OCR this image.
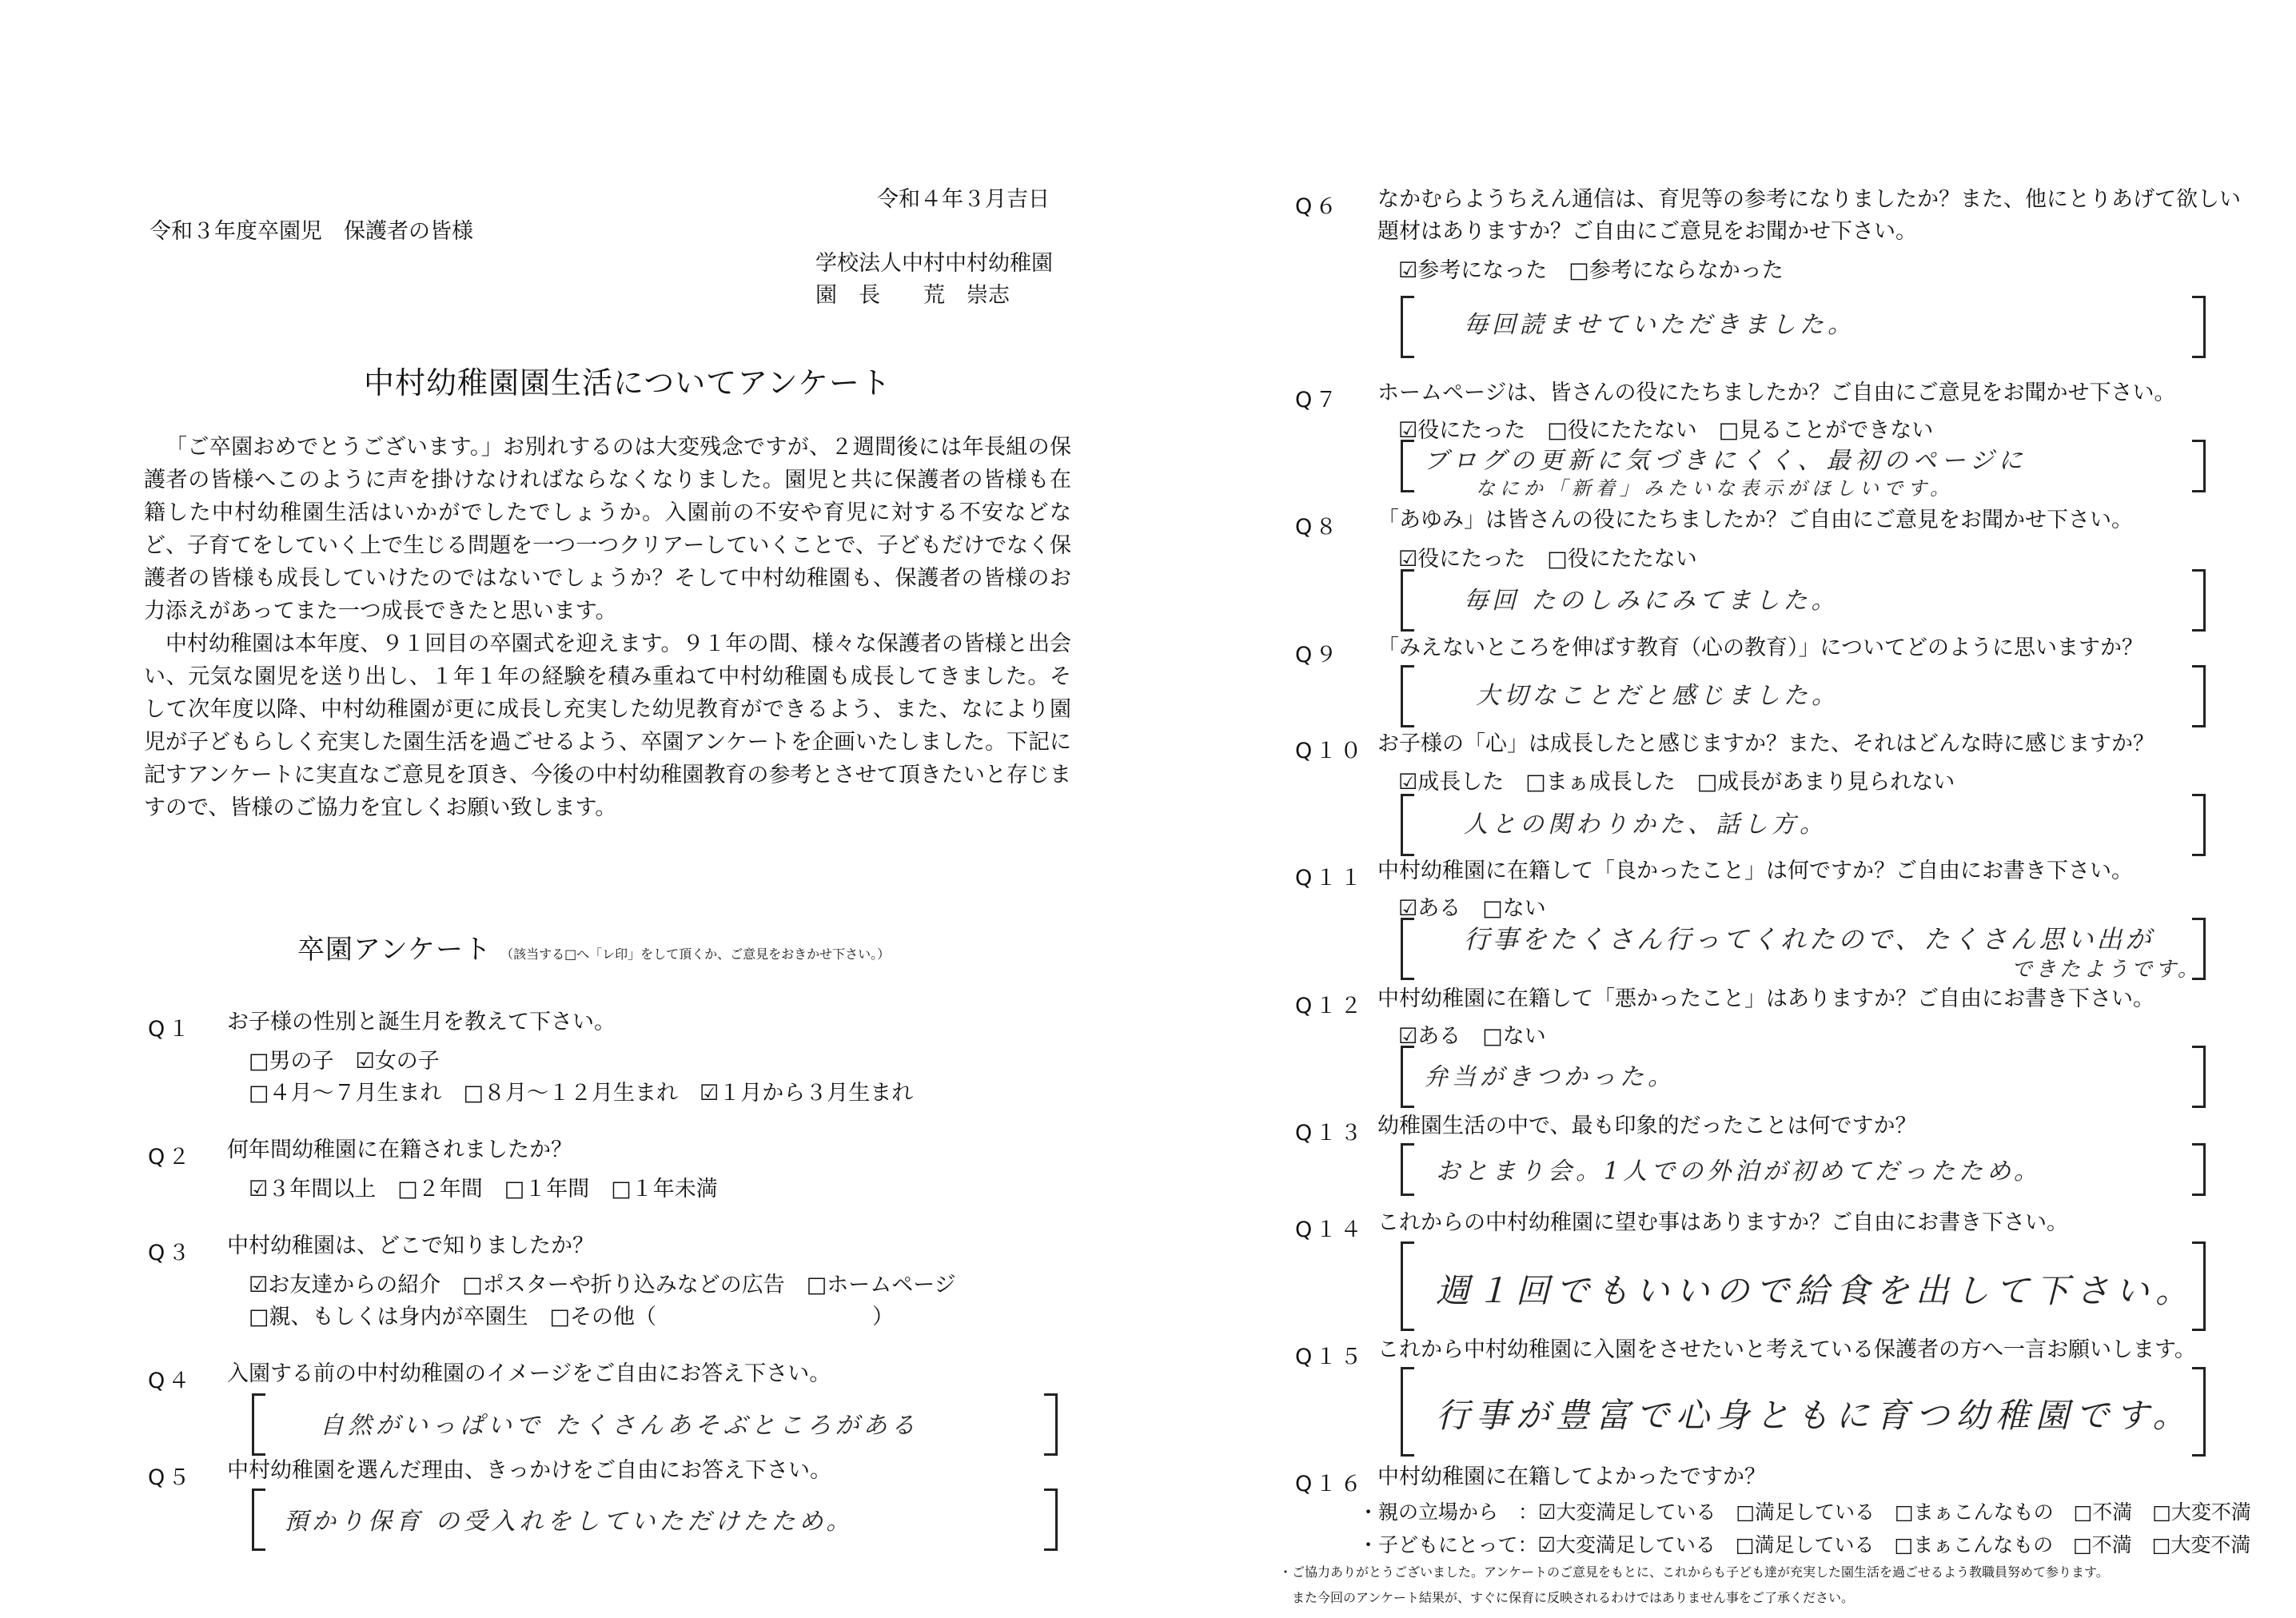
令和４年３月吉日
令和３年度卒園児　保護者の皆様
学校法人中村中村幼稚園
園　長　　荒　崇志
中村幼稚園園生活についてアンケート

「ご卒園おめでとうございます。」お別れするのは大変残念ですが、２週間後には年長組の保護者の皆様へこのように声を掛けなければならなくなりました。園児と共に保護者の皆様も在籍した中村幼稚園生活はいかがでしたでしょうか。入園前の不安や育児に対する不安などなど、子育てをしていく上で生じる問題を一つ一つクリアーしていくことで、子どもだけでなく保護者の皆様も成長していけたのではないでしょうか？そして中村幼稚園も、保護者の皆様のお力添えがあってまた一つ成長できたと思います。

中村幼稚園は本年度、９１回目の卒園式を迎えます。９１年の間、様々な保護者の皆様と出会い、元気な園児を送り出し、１年１年の経験を積み重ねて中村幼稚園も成長してきました。そして次年度以降、中村幼稚園が更に成長し充実した幼児教育ができるよう、また、なにより園児が子どもらしく充実した園生活を過ごせるよう、卒園アンケートを企画いたしました。下記に記すアンケートに実直なご意見を頂き、今後の中村幼稚園教育の参考とさせて頂きたいと存じますので、皆様のご協力を宜しくお願い致します。

卒園アンケート （該当する□へ「レ印」をして頂くか、ご意見をおきかせ下さい。）
Q１ お子様の性別と誕生月を教えて下さい。
□男の子　☑女の子
□４月～７月生まれ　□８月～１２月生まれ　☑１月から３月生まれ
Q２ 何年間幼稚園に在籍されましたか？
☑３年間以上　□２年間　□１年間　□１年未満
Q３ 中村幼稚園は、どこで知りましたか？
☑お友達からの紹介　□ポスターや折り込みなどの広告　□ホームページ
□親、もしくは身内が卒園生　□その他（　　　　　　　　　　）
Q４ 入園する前の中村幼稚園のイメージをご自由にお答え下さい。
自然がいっぱいで たくさんあそぶところがある
Q５ 中村幼稚園を選んだ理由、きっかけをご自由にお答え下さい。
預かり保育 の受入れをしていただけたため。
Q６ なかむらようちえん通信は、育児等の参考になりましたか？また、他にとりあげて欲しい
題材はありますか？ご自由にご意見をお聞かせ下さい。
☑参考になった　□参考にならなかった
毎回読ませていただきました。
Q７ ホームページは、皆さんの役にたちましたか？ご自由にご意見をお聞かせ下さい。
☑役にたった　□役にたたない　□見ることができない
ブログの更新に気づきにくく、最初のページに
なにか「新着」みたいな表示がほしいです。
Q８ 「あゆみ」は皆さんの役にたちましたか？ご自由にご意見をお聞かせ下さい。
☑役にたった　□役にたたない
毎回 たのしみにみてました。
Q９ 「みえないところを伸ばす教育（心の教育）」についてどのように思いますか？
大切なことだと感じました。
Q１０ お子様の「心」は成長したと感じますか？また、それはどんな時に感じますか？
☑成長した　□まぁ成長した　□成長があまり見られない
人との関わりかた、話し方。
Q１１ 中村幼稚園に在籍して「良かったこと」は何ですか？ご自由にお書き下さい。
☑ある　□ない
行事をたくさん行ってくれたので、たくさん思い出が
できたようです。
Q１２ 中村幼稚園に在籍して「悪かったこと」はありますか？ご自由にお書き下さい。
☑ある　□ない
弁当がきつかった。
Q１３ 幼稚園生活の中で、最も印象的だったことは何ですか？
おとまり会。1人での外泊が初めてだったため。
Q１４ これからの中村幼稚園に望む事はありますか？ご自由にお書き下さい。
週１回でもいいので給食を出して下さい。
Q１５ これから中村幼稚園に入園をさせたいと考えている保護者の方へ一言お願いします。
行事が豊富で心身ともに育つ幼稚園です。
Q１６ 中村幼稚園に在籍してよかったですか？
・親の立場から　：☑大変満足している　□満足している　□まぁこんなもの　□不満　□大変不満
・子どもにとって：☑大変満足している　□満足している　□まぁこんなもの　□不満　□大変不満
・ご協力ありがとうございました。アンケートのご意見をもとに、これからも子ども達が充実した園生活を過ごせるよう教職員努めて参ります。
また今回のアンケート結果が、すぐに保育に反映されるわけではありません事をご了承ください。
